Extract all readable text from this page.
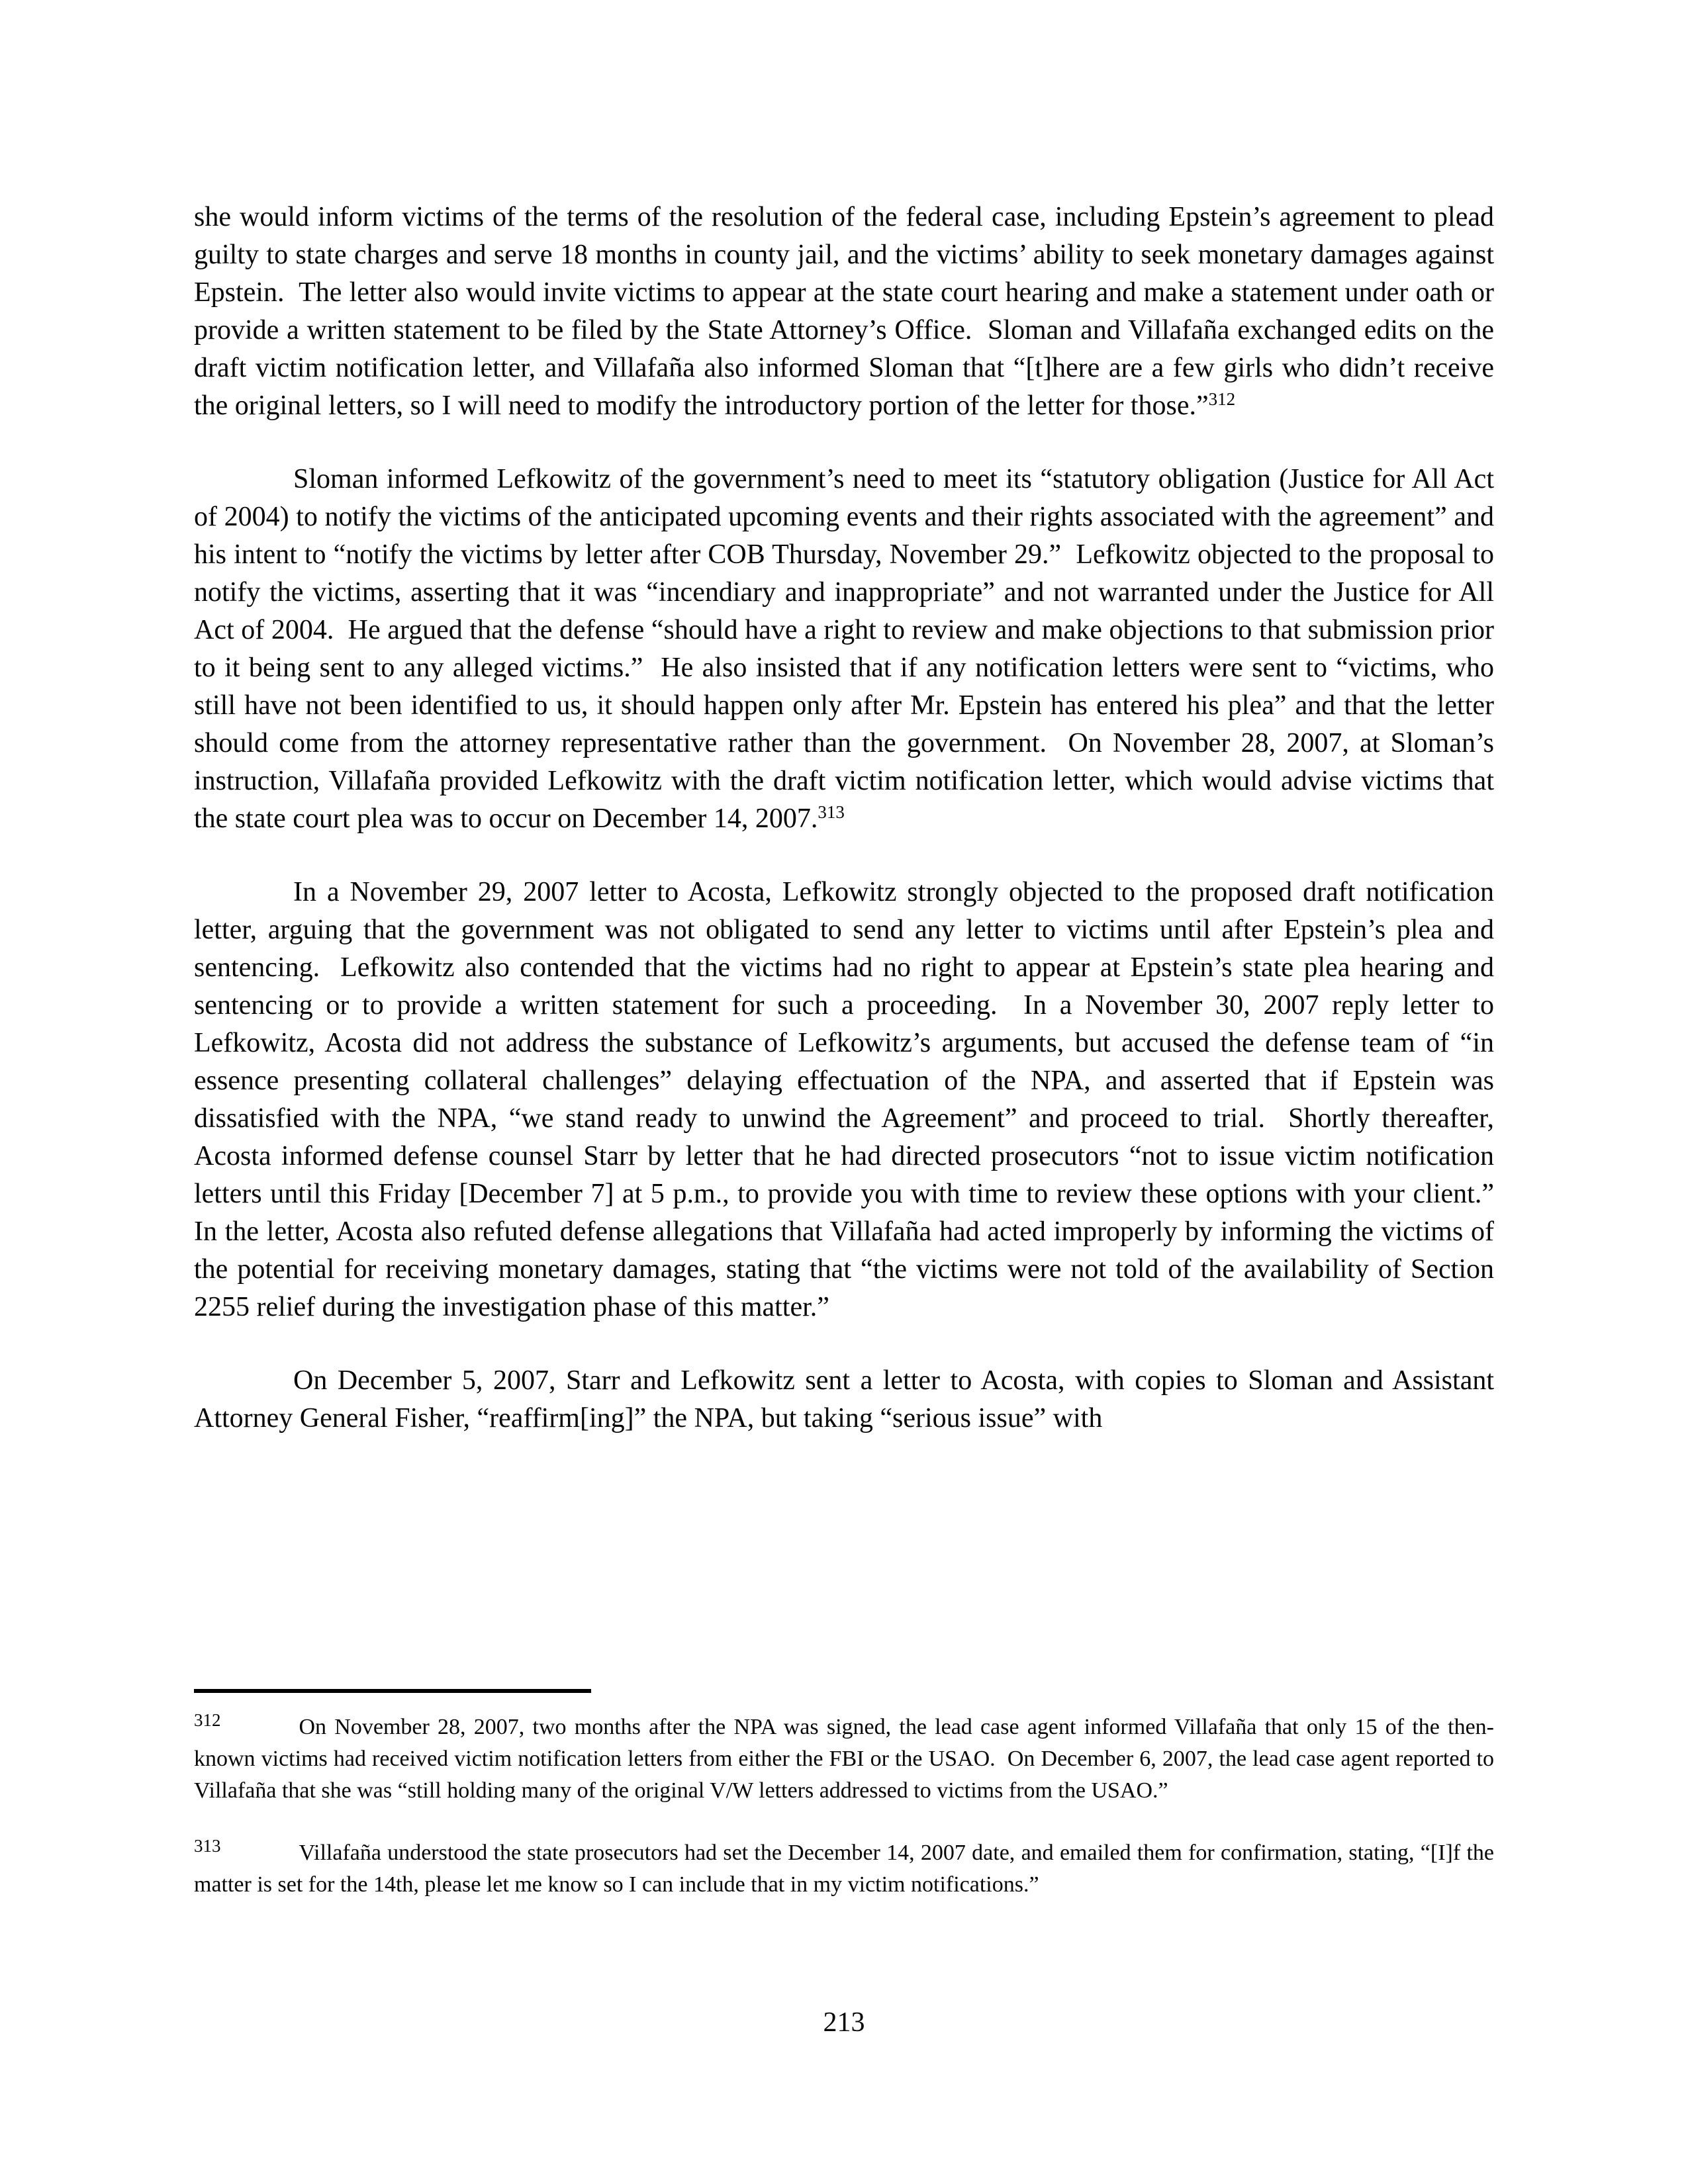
she would inform victims of the terms of the resolution of the federal case, including Epstein’s agreement to plead guilty to state charges and serve 18 months in county jail, and the victims’ ability to seek monetary damages against Epstein.  The letter also would invite victims to appear at the state court hearing and make a statement under oath or provide a written statement to be filed by the State Attorney’s Office.  Sloman and Villafaña exchanged edits on the draft victim notification letter, and Villafaña also informed Sloman that “[t]here are a few girls who didn’t receive the original letters, so I will need to modify the introductory portion of the letter for those.”$^{312}$

Sloman informed Lefkowitz of the government’s need to meet its “statutory obligation (Justice for All Act of 2004) to notify the victims of the anticipated upcoming events and their rights associated with the agreement” and his intent to “notify the victims by letter after COB Thursday, November 29.”  Lefkowitz objected to the proposal to notify the victims, asserting that it was “incendiary and inappropriate” and not warranted under the Justice for All Act of 2004.  He argued that the defense “should have a right to review and make objections to that submission prior to it being sent to any alleged victims.”  He also insisted that if any notification letters were sent to “victims, who still have not been identified to us, it should happen only after Mr. Epstein has entered his plea” and that the letter should come from the attorney representative rather than the government.  On November 28, 2007, at Sloman’s instruction, Villafaña provided Lefkowitz with the draft victim notification letter, which would advise victims that the state court plea was to occur on December 14, 2007.$^{313}$

In a November 29, 2007 letter to Acosta, Lefkowitz strongly objected to the proposed draft notification letter, arguing that the government was not obligated to send any letter to victims until after Epstein’s plea and sentencing.  Lefkowitz also contended that the victims had no right to appear at Epstein’s state plea hearing and sentencing or to provide a written statement for such a proceeding.  In a November 30, 2007 reply letter to Lefkowitz, Acosta did not address the substance of Lefkowitz’s arguments, but accused the defense team of “in essence presenting collateral challenges” delaying effectuation of the NPA, and asserted that if Epstein was dissatisfied with the NPA, “we stand ready to unwind the Agreement” and proceed to trial.  Shortly thereafter, Acosta informed defense counsel Starr by letter that he had directed prosecutors “not to issue victim notification letters until this Friday [December 7] at 5 p.m., to provide you with time to review these options with your client.”  In the letter, Acosta also refuted defense allegations that Villafaña had acted improperly by informing the victims of the potential for receiving monetary damages, stating that “the victims were not told of the availability of Section 2255 relief during the investigation phase of this matter.”

On December 5, 2007, Starr and Lefkowitz sent a letter to Acosta, with copies to Sloman and Assistant Attorney General Fisher, “reaffirm[ing]” the NPA, but taking “serious issue” with

$^{312}$	On November 28, 2007, two months after the NPA was signed, the lead case agent informed Villafaña that only 15 of the then-known victims had received victim notification letters from either the FBI or the USAO.  On December 6, 2007, the lead case agent reported to Villafaña that she was “still holding many of the original V/W letters addressed to victims from the USAO.”

$^{313}$	Villafaña understood the state prosecutors had set the December 14, 2007 date, and emailed them for confirmation, stating, “[I]f the matter is set for the 14th, please let me know so I can include that in my victim notifications.”

213
